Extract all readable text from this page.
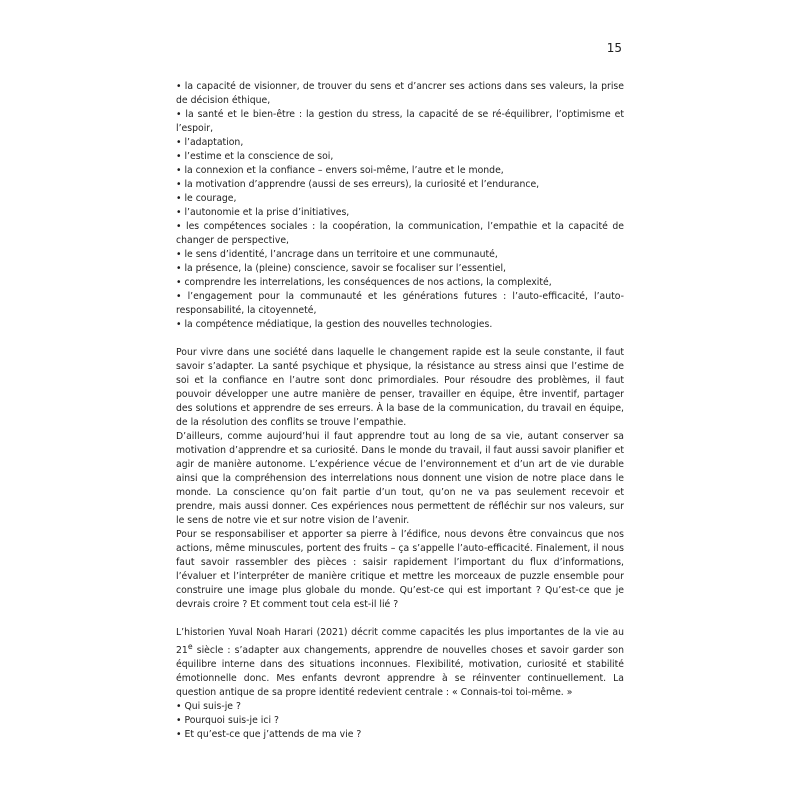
15

• la capacité de visionner, de trouver du sens et d’ancrer ses actions dans ses valeurs, la prise de décision éthique,

• la santé et le bien-être : la gestion du stress, la capacité de se ré-équilibrer, l’optimisme et l’espoir,

• l’adaptation,

• l’estime et la conscience de soi,

• la connexion et la confiance – envers soi-même, l’autre et le monde,

• la motivation d’apprendre (aussi de ses erreurs), la curiosité et l’endurance,

• le courage,

• l’autonomie et la prise d’initiatives,

• les compétences sociales : la coopération, la communication, l’empathie et la capacité de changer de perspective,

• le sens d’identité, l’ancrage dans un territoire et une communauté,

• la présence, la (pleine) conscience, savoir se focaliser sur l’essentiel,

• comprendre les interrelations, les conséquences de nos actions, la complexité,

• l’engagement pour la communauté et les générations futures : l’auto-efficacité, l’auto-responsabilité, la citoyenneté,

• la compétence médiatique, la gestion des nouvelles technologies.

Pour vivre dans une société dans laquelle le changement rapide est la seule constante, il faut savoir s’adapter. La santé psychique et physique, la résistance au stress ainsi que l’estime de soi et la confiance en l’autre sont donc primordiales. Pour résoudre des problèmes, il faut pouvoir développer une autre manière de penser, travailler en équipe, être inventif, partager des solutions et apprendre de ses erreurs. À la base de la communication, du travail en équipe, de la résolution des conflits se trouve l’empathie.

D’ailleurs, comme aujourd’hui il faut apprendre tout au long de sa vie, autant conserver sa motivation d’apprendre et sa curiosité. Dans le monde du travail, il faut aussi savoir planifier et agir de manière autonome. L’expérience vécue de l’environnement et d’un art de vie durable ainsi que la compréhension des interrelations nous donnent une vision de notre place dans le monde. La conscience qu’on fait partie d’un tout, qu’on ne va pas seulement recevoir et prendre, mais aussi donner. Ces expériences nous permettent de réfléchir sur nos valeurs, sur le sens de notre vie et sur notre vision de l’avenir.

Pour se responsabiliser et apporter sa pierre à l’édifice, nous devons être convaincus que nos actions, même minuscules, portent des fruits – ça s’appelle l’auto-efficacité. Finalement, il nous faut savoir rassembler des pièces : saisir rapidement l’important du flux d’informations, l’évaluer et l’interpréter de manière critique et mettre les morceaux de puzzle ensemble pour construire une image plus globale du monde. Qu’est-ce qui est important ? Qu’est-ce que je devrais croire ? Et comment tout cela est-il lié ?

L’historien Yuval Noah Harari (2021) décrit comme capacités les plus importantes de la vie au 21e siècle : s’adapter aux changements, apprendre de nouvelles choses et savoir garder son équilibre interne dans des situations inconnues. Flexibilité, motivation, curiosité et stabilité émotionnelle donc. Mes enfants devront apprendre à se réinventer continuellement. La question antique de sa propre identité redevient centrale : « Connais-toi toi-même. »

• Qui suis-je ?

• Pourquoi suis-je ici ?

• Et qu’est-ce que j’attends de ma vie ?
